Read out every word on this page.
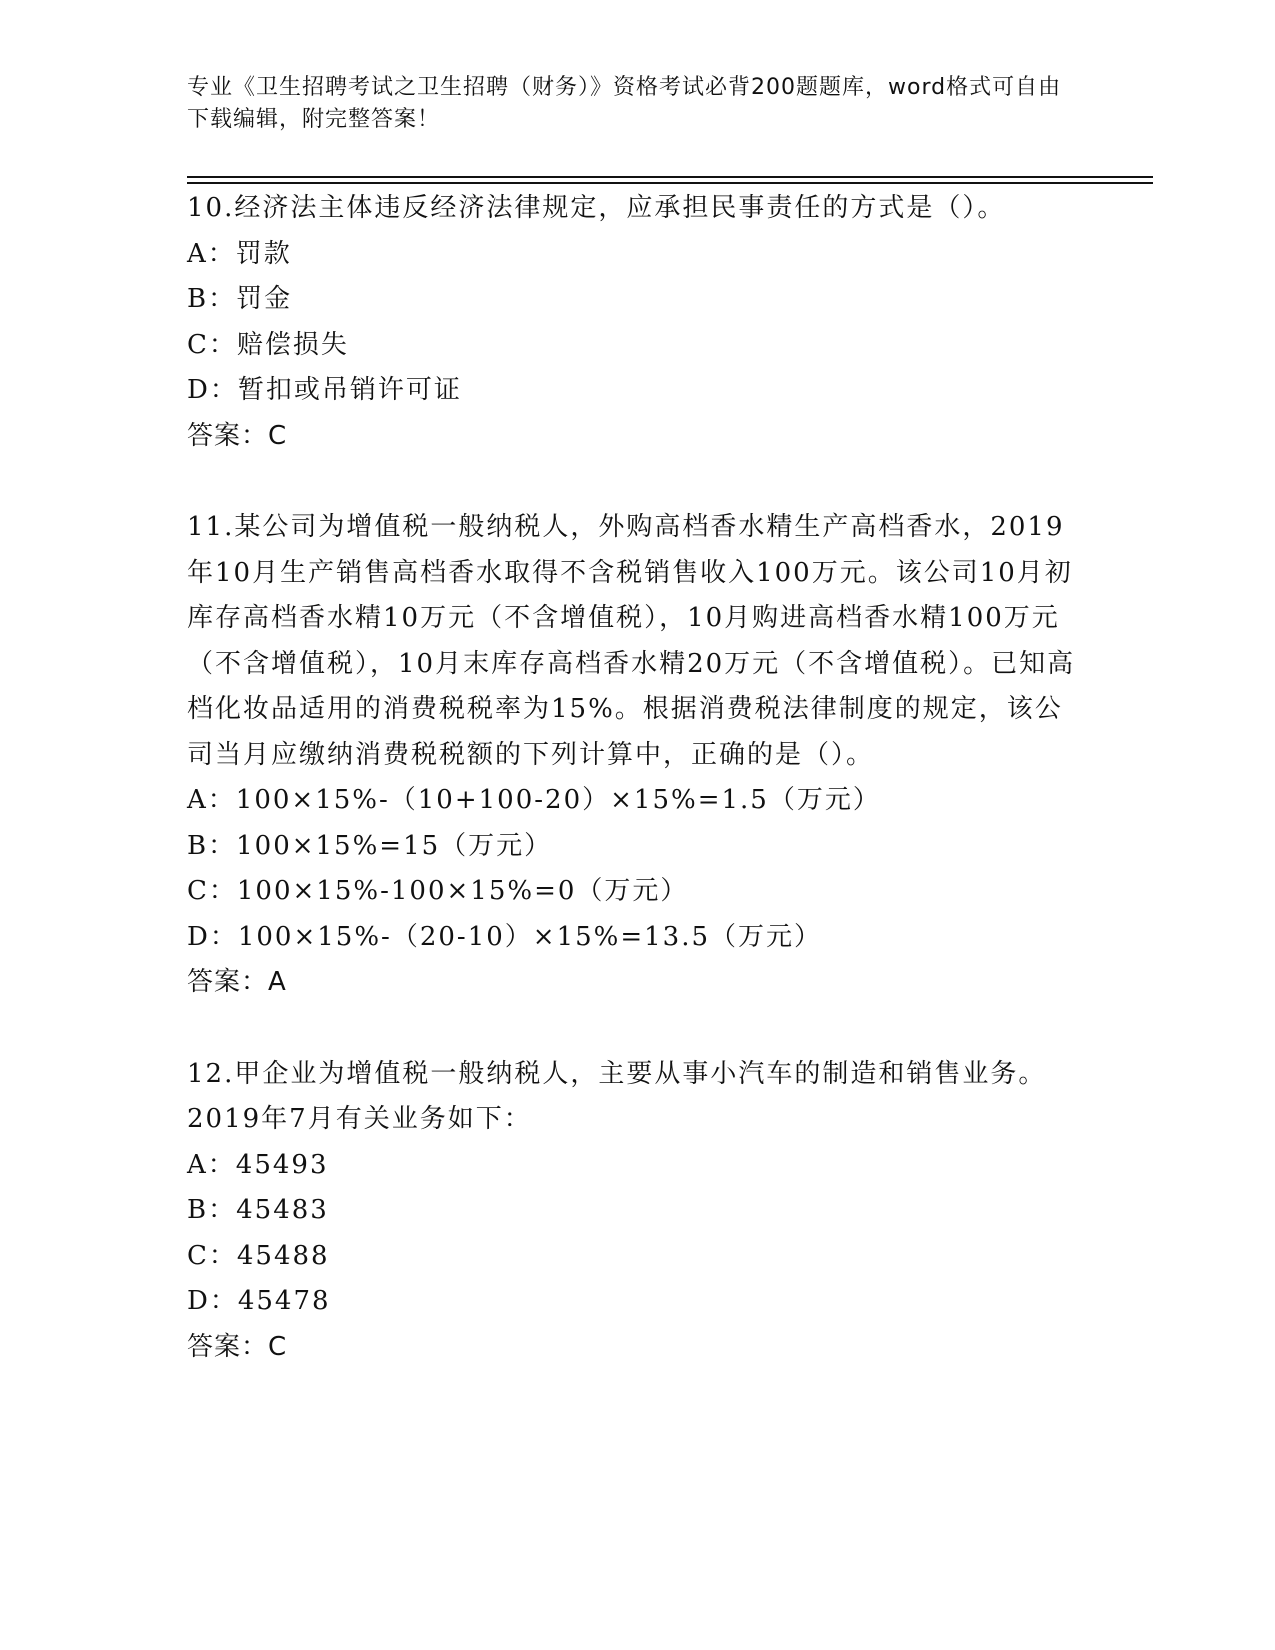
专业《卫生招聘考试之卫生招聘（财务）》资格考试必背200题题库，word格式可自由下载编辑，附完整答案！

10.经济法主体违反经济法律规定，应承担民事责任的方式是（）。

A：罚款

B：罚金

C：赔偿损失

D：暂扣或吊销许可证

答案：C

11.某公司为增值税一般纳税人，外购高档香水精生产高档香水，2019年10月生产销售高档香水取得不含税销售收入100万元。该公司10月初库存高档香水精10万元（不含增值税），10月购进高档香水精100万元（不含增值税），10月末库存高档香水精20万元（不含增值税）。已知高档化妆品适用的消费税税率为15%。根据消费税法律制度的规定，该公司当月应缴纳消费税税额的下列计算中，正确的是（）。

A：100×15%-（10+100-20）×15%=1.5（万元）

B：100×15%=15（万元）

C：100×15%-100×15%=0（万元）

D：100×15%-（20-10）×15%=13.5（万元）

答案：A

12.甲企业为增值税一般纳税人，主要从事小汽车的制造和销售业务。2019年7月有关业务如下：

A：45493

B：45483

C：45488

D：45478

答案：C
